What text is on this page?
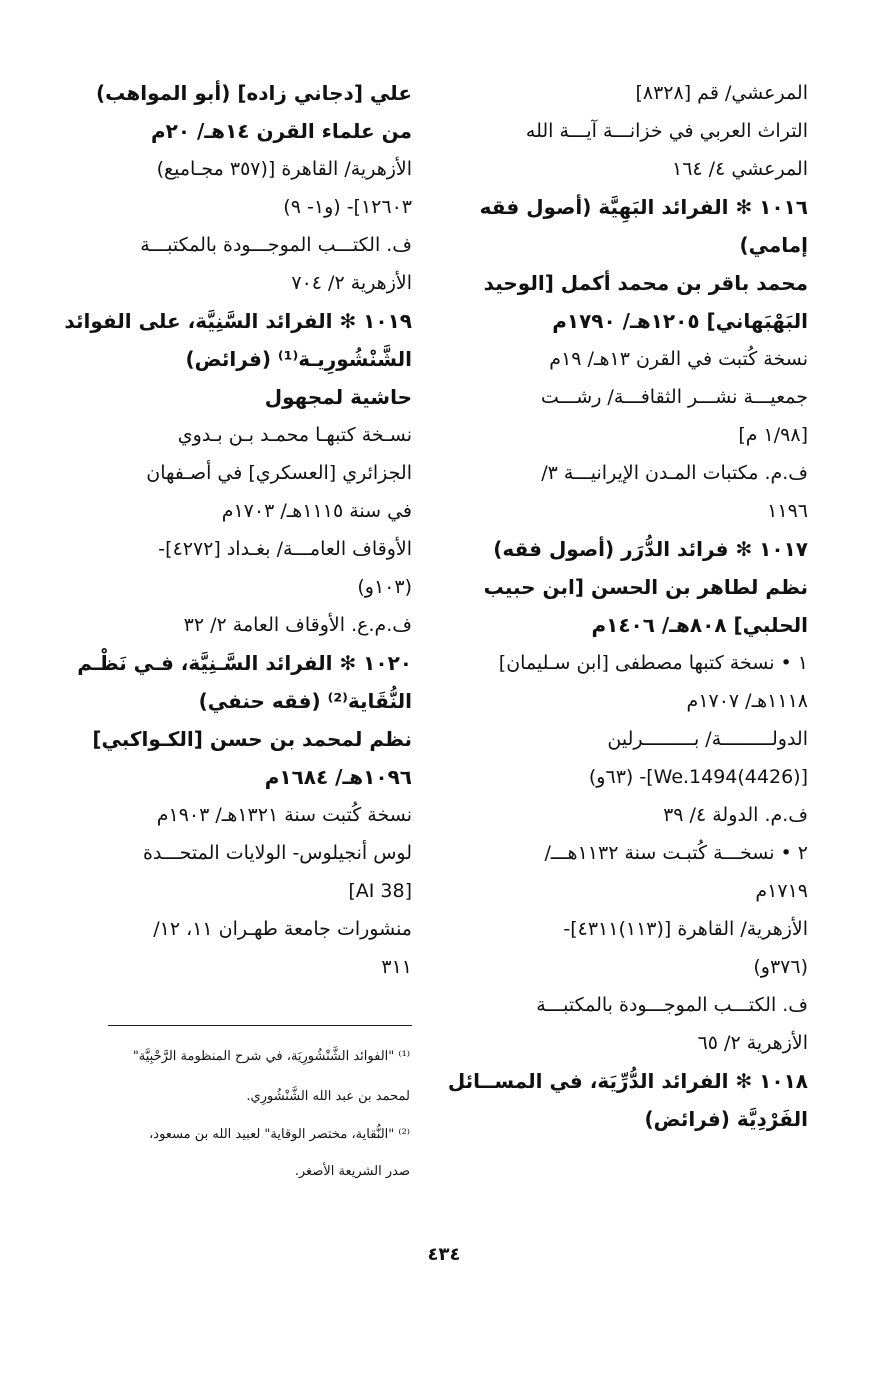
المرعشي/ قم [٨٣٢٨]
التراث العربي في خزانـــة آيـــة الله
المرعشي ٤/ ١٦٤
١٠١٦ ✻ الفرائد البَهِيَّة (أصول فقه
إمامي)
محمد باقر بن محمد أكمل [الوحيد
البَهْبَهاني] ١٢٠٥هـ/ ١٧٩٠م
نسخة كُتبت في القرن ١٣هـ/ ١٩م
جمعيـــة نشـــر الثقافـــة/ رشـــت
[١/٩٨ م]
ف.م. مكتبات المـدن الإيرانيـــة ٣/
١١٩٦
١٠١٧ ✻ فرائد الدُّرَر (أصول فقه)
نظم لطاهر بن الحسن [ابن حبيب
الحلبي] ٨٠٨هـ/ ١٤٠٦م
١ • نسخة كتبها مصطفى [ابن سـليمان]
١١١٨هـ/ ١٧٠٧م
الدولـــــــــة/ بـــــــــرلين
[We.1494(4426)]- (٦٣و)
ف.م. الدولة ٤/ ٣٩
٢ • نسخـــة كُتبـت سنة ١١٣٢هـــ/
١٧١٩م
الأزهرية/ القاهرة [(١١٣)٤٣١١]-
(٣٧٦و)
ف. الكتـــب الموجـــودة بالمكتبـــة
الأزهرية ٢/ ٦٥
١٠١٨ ✻ الفرائد الدُّرِّيَة، في المســائل
الفَرْدِيَّة (فرائض)
علي [دجاني زاده] (أبو المواهب)
من علماء القرن ١٤هـ/ ٢٠م
الأزهرية/ القاهرة [(٣٥٧ مجـاميع)
١٢٦٠٣]- (و١- ٩)
ف. الكتـــب الموجـــودة بالمكتبـــة
الأزهرية ٢/ ٧٠٤
١٠١٩ ✻ الفرائد السَّنِيَّة، على الفوائد
الشَّنْشُورِيـة⁽¹⁾ (فرائض)
حاشية لمجهول
نسـخة كتبهـا محمـد بـن بـدوي
الجزائري [العسكري] في أصـفهان
في سنة ١١١٥هـ/ ١٧٠٣م
الأوقاف العامـــة/ بغـداد [٤٢٧٢]-
(١٠٣و)
ف.م.ع. الأوقاف العامة ٢/ ٣٢
١٠٢٠ ✻ الفرائد السَّـنِيَّة، فـي نَظْـم
النُّقَاية⁽²⁾ (فقه حنفي)
نظم لمحمد بن حسن [الكـواكبي]
١٠٩٦هـ/ ١٦٨٤م
نسخة كُتبت سنة ١٣٢١هـ/ ١٩٠٣م
لوس أنجيلوس- الولايات المتحـــدة
[AI 38]
منشورات جامعة طهـران ١١، ١٢/
٣١١
⁽¹⁾ "الفوائد الشَّنْشُورِيَة، في شرح المنظومة الرَّحْبِيَّة"
لمحمد بن عبد الله الشَّنْشُورِي.
⁽²⁾ "النُّقاية، مختصر الوقاية" لعبيد الله بن مسعود،
صدر الشريعة الأصغر.
٤٣٤
